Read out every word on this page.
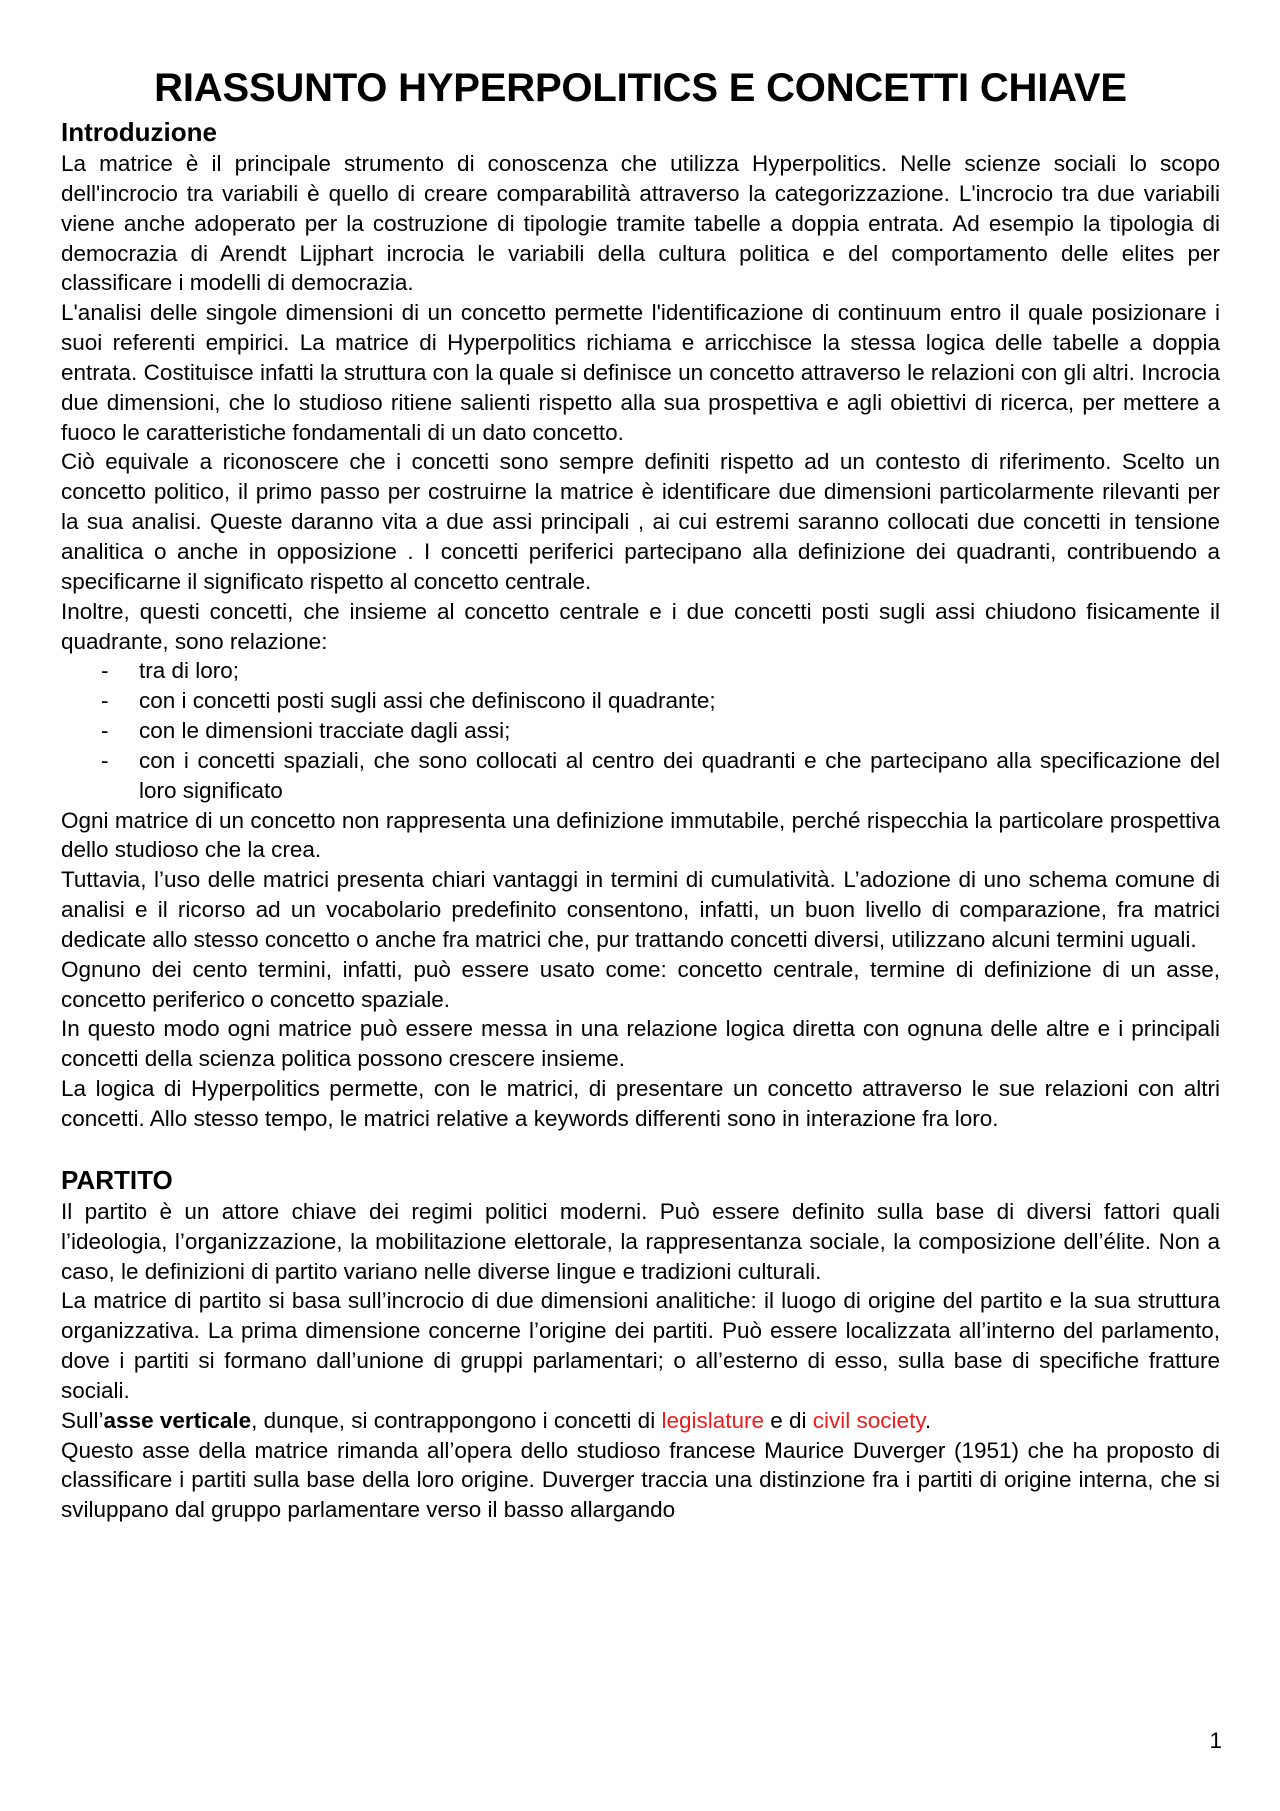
RIASSUNTO HYPERPOLITICS E CONCETTI CHIAVE
Introduzione

La matrice è il principale strumento di conoscenza che utilizza Hyperpolitics. Nelle scienze sociali lo scopo dell'incrocio tra variabili è quello di creare comparabilità attraverso la categorizzazione. L'incrocio tra due variabili viene anche adoperato per la costruzione di tipologie tramite tabelle a doppia entrata. Ad esempio la tipologia di democrazia di Arendt Lijphart incrocia le variabili della cultura politica e del comportamento delle elites per classificare i modelli di democrazia.

L'analisi delle singole dimensioni di un concetto permette l'identificazione di continuum entro il quale posizionare i suoi referenti empirici. La matrice di Hyperpolitics richiama e arricchisce la stessa logica delle tabelle a doppia entrata. Costituisce infatti la struttura con la quale si definisce un concetto attraverso le relazioni con gli altri. Incrocia due dimensioni, che lo studioso ritiene salienti rispetto alla sua prospettiva e agli obiettivi di ricerca, per mettere a fuoco le caratteristiche fondamentali di un dato concetto.

Ciò equivale a riconoscere che i concetti sono sempre definiti rispetto ad un contesto di riferimento. Scelto un concetto politico, il primo passo per costruirne la matrice è identificare due dimensioni particolarmente rilevanti per la sua analisi. Queste daranno vita a due assi principali , ai cui estremi saranno collocati due concetti in tensione analitica o anche in opposizione . I concetti periferici partecipano alla definizione dei quadranti, contribuendo a specificarne il significato rispetto al concetto centrale.

Inoltre, questi concetti, che insieme al concetto centrale e i due concetti posti sugli assi chiudono fisicamente il quadrante, sono relazione:

- tra di loro;
- con i concetti posti sugli assi che definiscono il quadrante;
- con le dimensioni tracciate dagli assi;
- con i concetti spaziali, che sono collocati al centro dei quadranti e che partecipano alla specificazione del loro significato

Ogni matrice di un concetto non rappresenta una definizione immutabile, perché rispecchia la particolare prospettiva dello studioso che la crea.

Tuttavia, l’uso delle matrici presenta chiari vantaggi in termini di cumulatività. L’adozione di uno schema comune di analisi e il ricorso ad un vocabolario predefinito consentono, infatti, un buon livello di comparazione, fra matrici dedicate allo stesso concetto o anche fra matrici che, pur trattando concetti diversi, utilizzano alcuni termini uguali.

Ognuno dei cento termini, infatti, può essere usato come: concetto centrale, termine di definizione di un asse, concetto periferico o concetto spaziale.

In questo modo ogni matrice può essere messa in una relazione logica diretta con ognuna delle altre e i principali concetti della scienza politica possono crescere insieme.

La logica di Hyperpolitics permette, con le matrici, di presentare un concetto attraverso le sue relazioni con altri concetti. Allo stesso tempo, le matrici relative a keywords differenti sono in interazione fra loro.

PARTITO

Il partito è un attore chiave dei regimi politici moderni. Può essere definito sulla base di diversi fattori quali l’ideologia, l’organizzazione, la mobilitazione elettorale, la rappresentanza sociale, la composizione dell’élite. Non a caso, le definizioni di partito variano nelle diverse lingue e tradizioni culturali.

La matrice di partito si basa sull’incrocio di due dimensioni analitiche: il luogo di origine del partito e la sua struttura organizzativa. La prima dimensione concerne l’origine dei partiti. Può essere localizzata all’interno del parlamento, dove i partiti si formano dall’unione di gruppi parlamentari; o all’esterno di esso, sulla base di specifiche fratture sociali.

Sull’asse verticale, dunque, si contrappongono i concetti di legislature e di civil society.

Questo asse della matrice rimanda all’opera dello studioso francese Maurice Duverger (1951) che ha proposto di classificare i partiti sulla base della loro origine. Duverger traccia una distinzione fra i partiti di origine interna, che si sviluppano dal gruppo parlamentare verso il basso allargando

1
